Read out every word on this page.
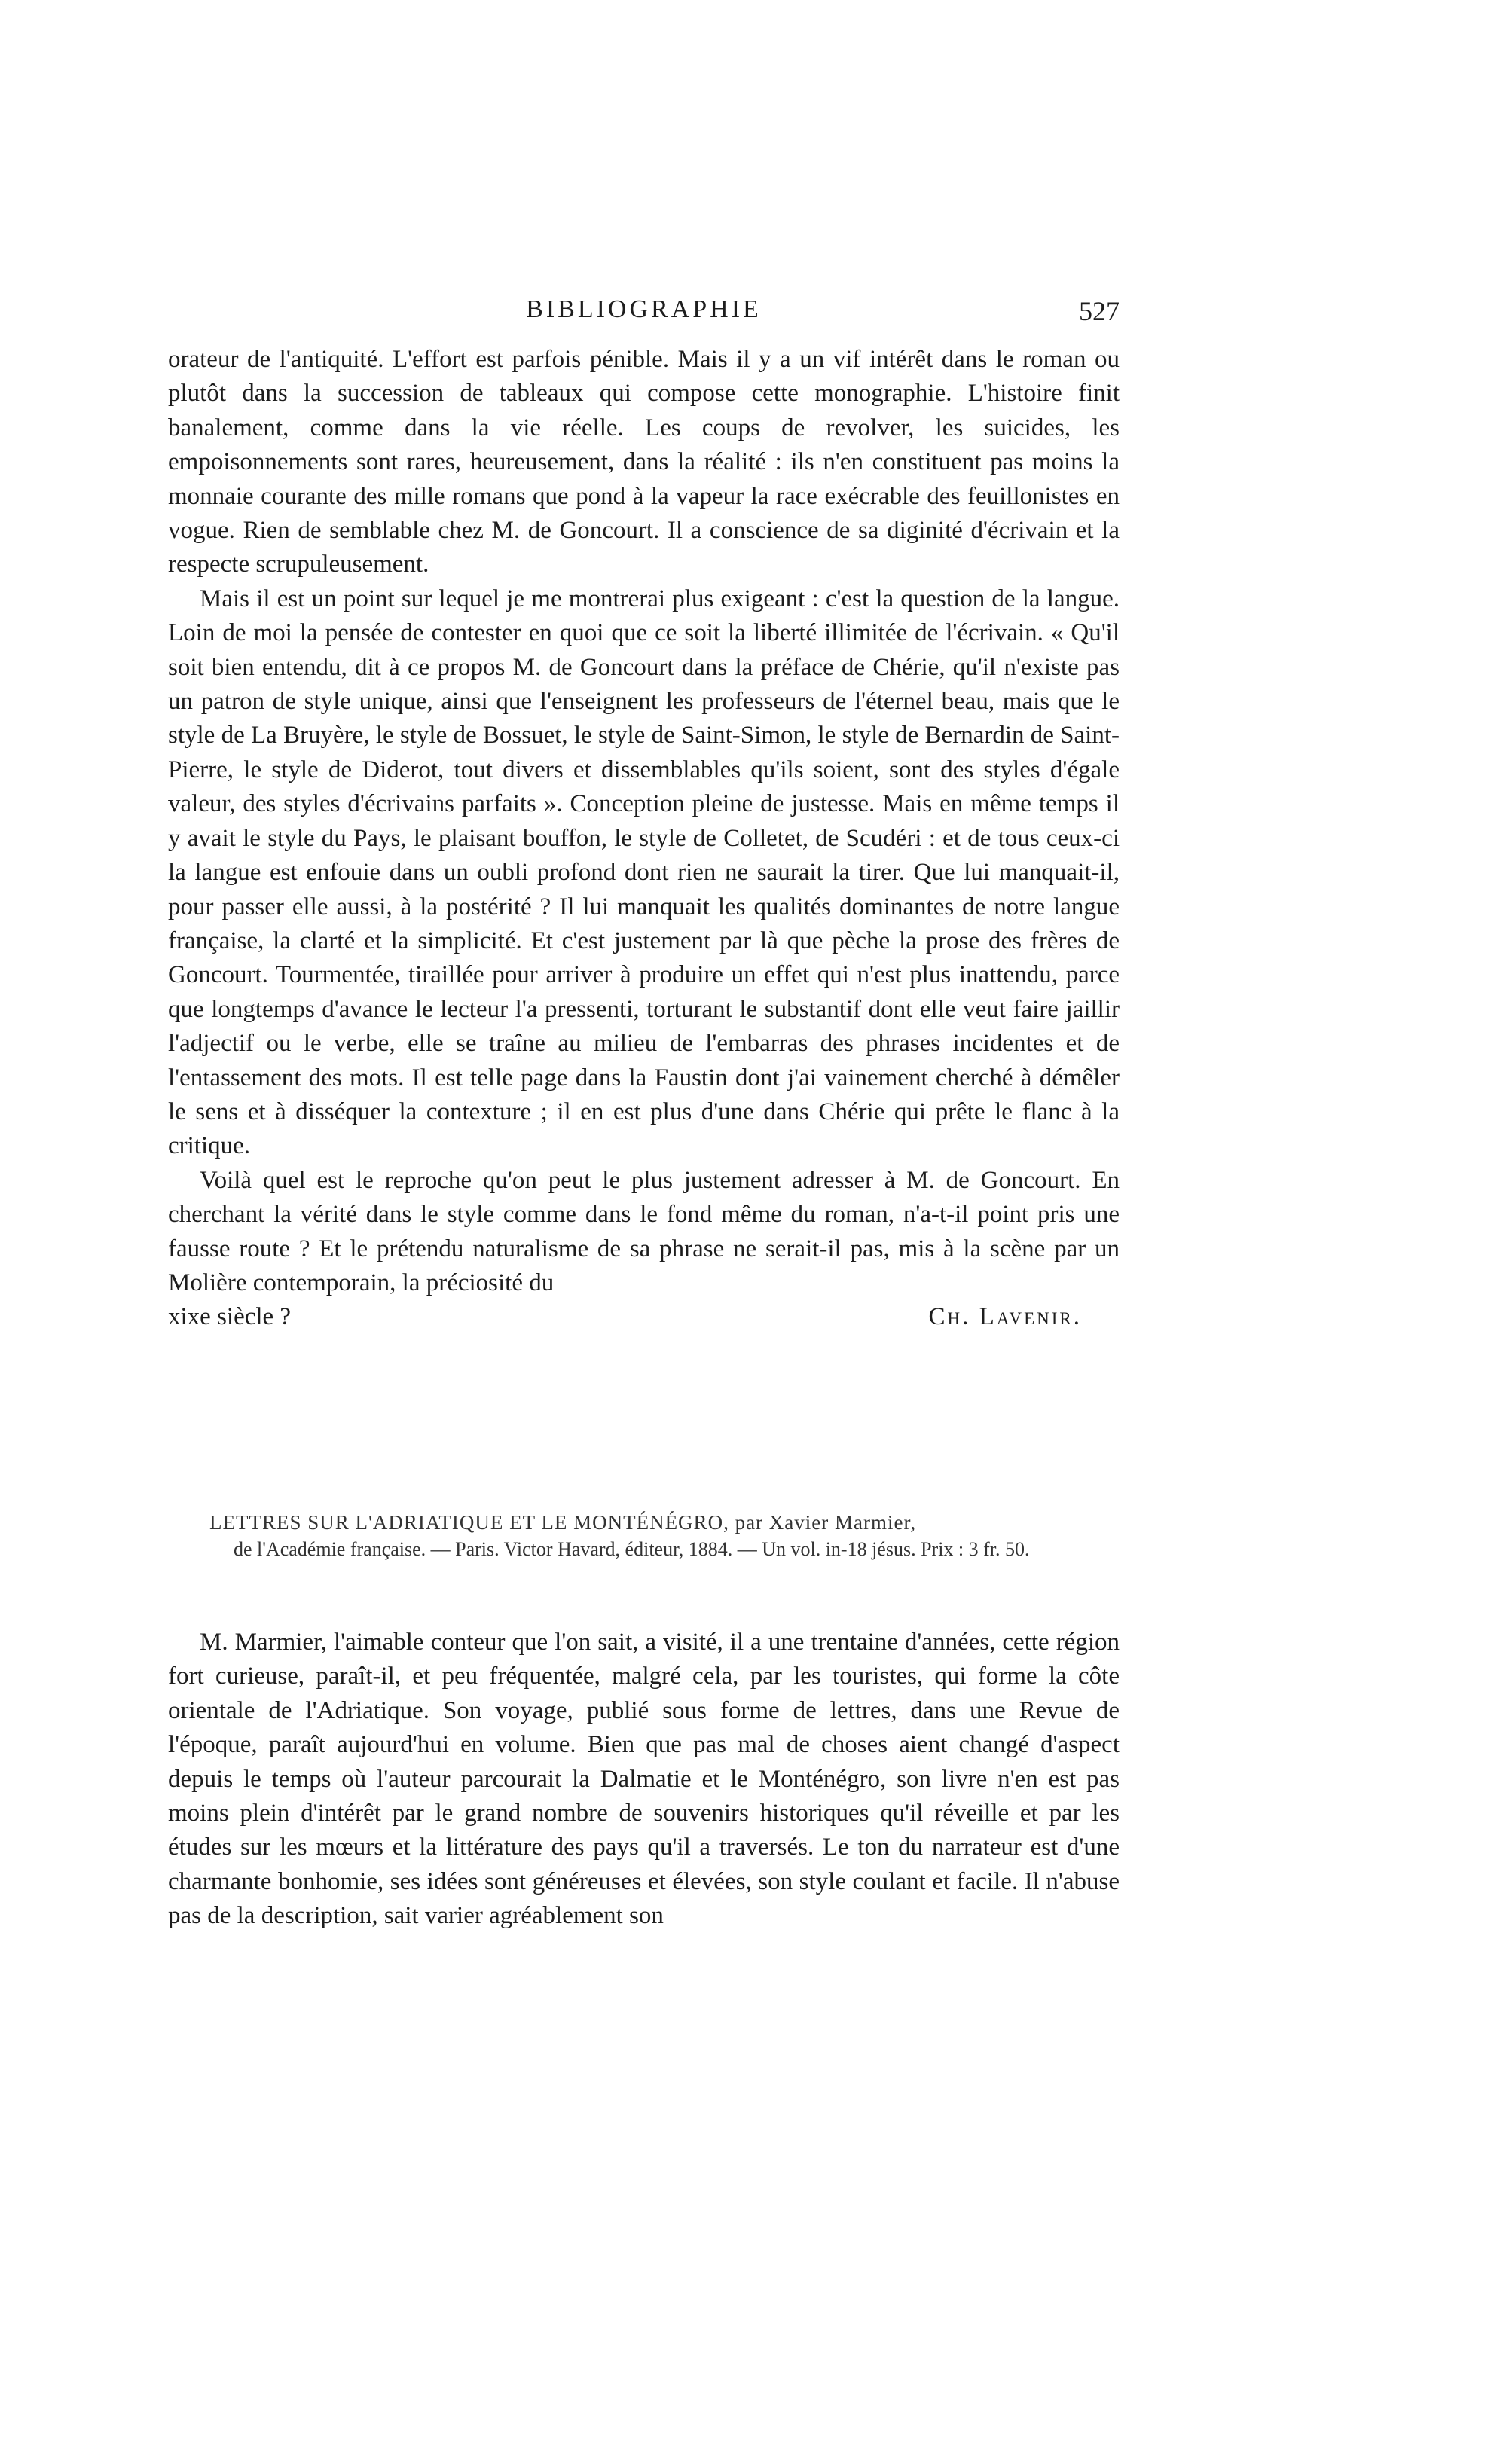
BIBLIOGRAPHIE	527

orateur de l'antiquité. L'effort est parfois pénible. Mais il y a un vif intérêt dans le roman ou plutôt dans la succession de tableaux qui compose cette monographie. L'histoire finit banalement, comme dans la vie réelle. Les coups de revolver, les suicides, les empoisonnements sont rares, heureusement, dans la réalité : ils n'en constituent pas moins la monnaie courante des mille romans que pond à la vapeur la race exécrable des feuillonistes en vogue. Rien de semblable chez M. de Goncourt. Il a conscience de sa diginité d'écrivain et la respecte scrupuleusement.

Mais il est un point sur lequel je me montrerai plus exigeant : c'est la question de la langue. Loin de moi la pensée de contester en quoi que ce soit la liberté illimitée de l'écrivain. « Qu'il soit bien entendu, dit à ce propos M. de Goncourt dans la préface de Chérie, qu'il n'existe pas un patron de style unique, ainsi que l'enseignent les professeurs de l'éternel beau, mais que le style de La Bruyère, le style de Bossuet, le style de Saint-Simon, le style de Bernardin de Saint-Pierre, le style de Diderot, tout divers et dissemblables qu'ils soient, sont des styles d'égale valeur, des styles d'écrivains parfaits ». Conception pleine de justesse. Mais en même temps il y avait le style du Pays, le plaisant bouffon, le style de Colletet, de Scudéri : et de tous ceux-ci la langue est enfouie dans un oubli profond dont rien ne saurait la tirer. Que lui manquait-il, pour passer elle aussi, à la postérité ? Il lui manquait les qualités dominantes de notre langue française, la clarté et la simplicité. Et c'est justement par là que pèche la prose des frères de Goncourt. Tourmentée, tiraillée pour arriver à produire un effet qui n'est plus inattendu, parce que longtemps d'avance le lecteur l'a pressenti, torturant le substantif dont elle veut faire jaillir l'adjectif ou le verbe, elle se traîne au milieu de l'embarras des phrases incidentes et de l'entassement des mots. Il est telle page dans la Faustin dont j'ai vainement cherché à démêler le sens et à disséquer la contexture ; il en est plus d'une dans Chérie qui prête le flanc à la critique.

Voilà quel est le reproche qu'on peut le plus justement adresser à M. de Goncourt. En cherchant la vérité dans le style comme dans le fond même du roman, n'a-t-il point pris une fausse route ? Et le prétendu naturalisme de sa phrase ne serait-il pas, mis à la scène par un Molière contemporain, la préciosité du

xixe siècle ?	Ch. Lavenir.
LETTRES SUR L'ADRIATIQUE ET LE MONTÉNÉGRO, par Xavier Marmier,
de l'Académie française. — Paris. Victor Havard, éditeur, 1884. — Un vol. in-18 jésus. Prix : 3 fr. 50.

M. Marmier, l'aimable conteur que l'on sait, a visité, il a une trentaine d'années, cette région fort curieuse, paraît-il, et peu fréquentée, malgré cela, par les touristes, qui forme la côte orientale de l'Adriatique. Son voyage, publié sous forme de lettres, dans une Revue de l'époque, paraît aujourd'hui en volume. Bien que pas mal de choses aient changé d'aspect depuis le temps où l'auteur parcourait la Dalmatie et le Monténégro, son livre n'en est pas moins plein d'intérêt par le grand nombre de souvenirs historiques qu'il réveille et par les études sur les mœurs et la littérature des pays qu'il a traversés. Le ton du narrateur est d'une charmante bonhomie, ses idées sont généreuses et élevées, son style coulant et facile. Il n'abuse pas de la description, sait varier agréablement son
